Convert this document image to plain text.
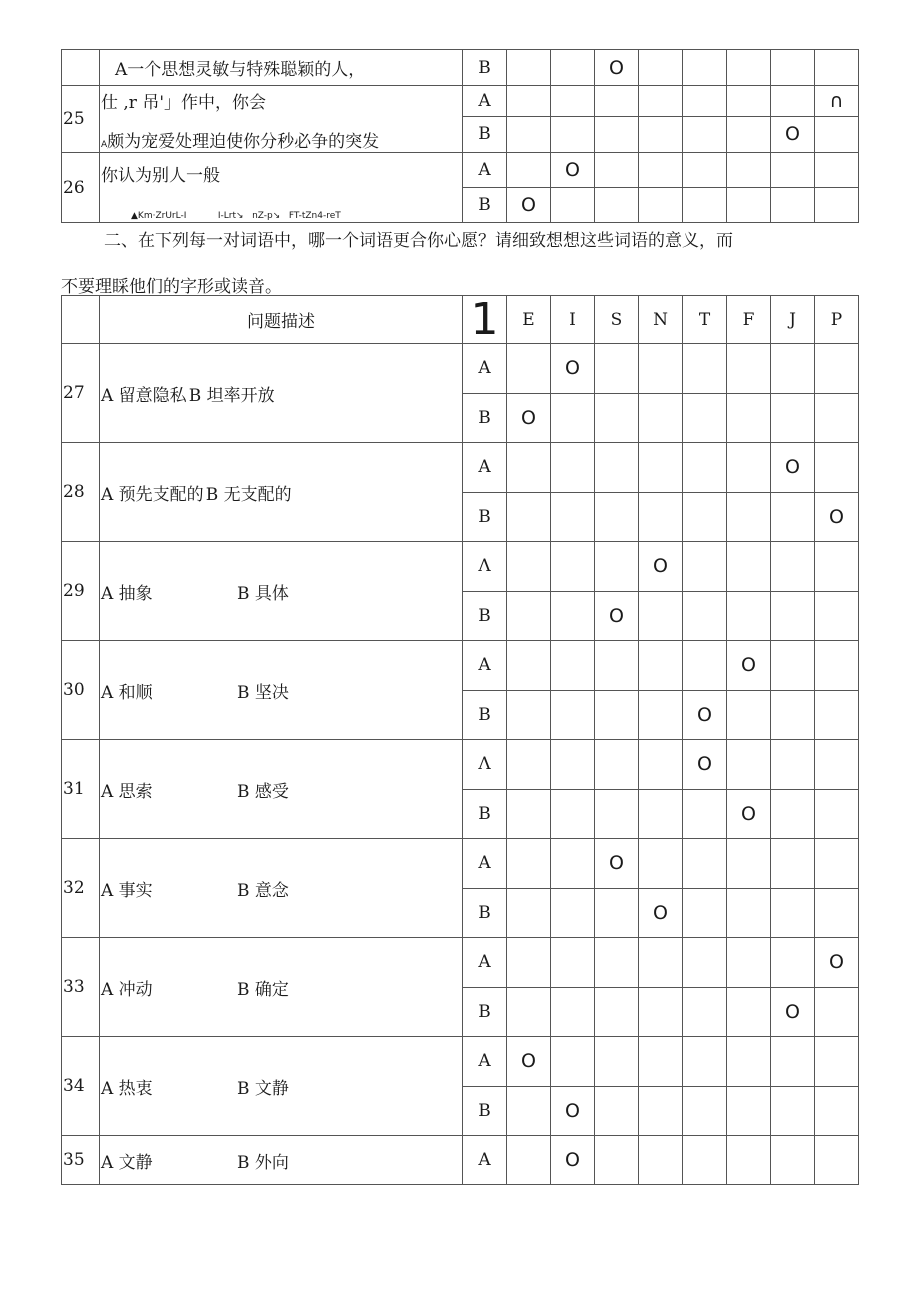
	A一个思想灵敏与特殊聪颖的人，	B			O					
25	仕 ,r 吊'」作中，你会
A颇为宠爱处理迫使你分秒必争的突发	A								∩
		B							O	
26	你认为别人一般
▲Km·ZrUrL-I           I-Lrt↘   nZ-p↘   FT-tZn4-reT	A		O						
		B	O							

二、在下列每一对词语中，哪一个词语更合你心愿？请细致想想这些词语的意义，而

不要理睬他们的字形或读音。

	问题描述	1	E	I	S	N	T	F	J	P
27	A 留意隐私 B 坦率开放	A		O						
		B	O							
28	A 预先支配的 B 无支配的	A							O	
		B								O
29	A 抽象 B 具体	Λ				O				
		B			O					
30	A 和顺 B 坚决	A						O		
		B					O			
31	A 思索 B 感受	Λ					O			
		B						O		
32	A 事实 B 意念	A			O					
		B				O				
33	A 冲动 B 确定	A								O
		B							O	
34	A 热衷 B 文静	A	O							
		B		O						
35	A 文静 B 外向	A		O						
